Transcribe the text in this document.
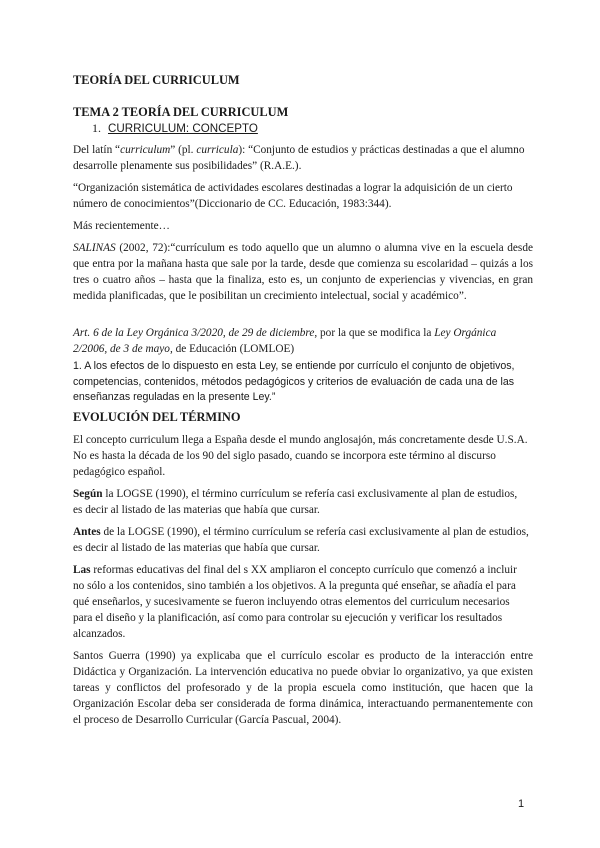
TEORÍA DEL CURRICULUM
TEMA 2 TEORÍA DEL CURRICULUM
1. CURRICULUM: CONCEPTO

Del latín “curriculum” (pl. curricula): “Conjunto de estudios y prácticas destinadas a que el alumno desarrolle plenamente sus posibilidades” (R.A.E.).

“Organización sistemática de actividades escolares destinadas a lograr la adquisición de un cierto número de conocimientos”(Diccionario de CC. Educación, 1983:344).

Más recientemente…

SALINAS (2002, 72):“currículum es todo aquello que un alumno o alumna vive en la escuela desde que entra por la mañana hasta que sale por la tarde, desde que comienza su escolaridad – quizás a los tres o cuatro años – hasta que la finaliza, esto es, un conjunto de experiencias y vivencias, en gran medida planificadas, que le posibilitan un crecimiento intelectual, social y académico”.

Art. 6 de la Ley Orgánica 3/2020, de 29 de diciembre, por la que se modifica la Ley Orgánica 2/2006, de 3 de mayo, de Educación (LOMLOE)

1. A los efectos de lo dispuesto en esta Ley, se entiende por currículo el conjunto de objetivos, competencias, contenidos, métodos pedagógicos y criterios de evaluación de cada una de las enseñanzas reguladas en la presente Ley.”

EVOLUCIÓN DEL TÉRMINO

El concepto curriculum llega a España desde el mundo anglosajón, más concretamente desde U.S.A. No es hasta la década de los 90 del siglo pasado, cuando se incorpora este término al discurso pedagógico español.

Según la LOGSE (1990), el término currículum se refería casi exclusivamente al plan de estudios, es decir al listado de las materias que había que cursar.

Antes de la LOGSE (1990), el término currículum se refería casi exclusivamente al plan de estudios, es decir al listado de las materias que había que cursar.

Las reformas educativas del final del s XX ampliaron el concepto currículo que comenzó a incluir no sólo a los contenidos, sino también a los objetivos. A la pregunta qué enseñar, se añadía el para qué enseñarlos, y sucesivamente se fueron incluyendo otras elementos del curriculum necesarios para el diseño y la planificación, así como para controlar su ejecución y verificar los resultados alcanzados.

Santos Guerra (1990) ya explicaba que el currículo escolar es producto de la interacción entre Didáctica y Organización. La intervención educativa no puede obviar lo organizativo, ya que existen tareas y conflictos del profesorado y de la propia escuela como institución, que hacen que la Organización Escolar deba ser considerada de forma dinámica, interactuando permanentemente con el proceso de Desarrollo Curricular (García Pascual, 2004).

1
